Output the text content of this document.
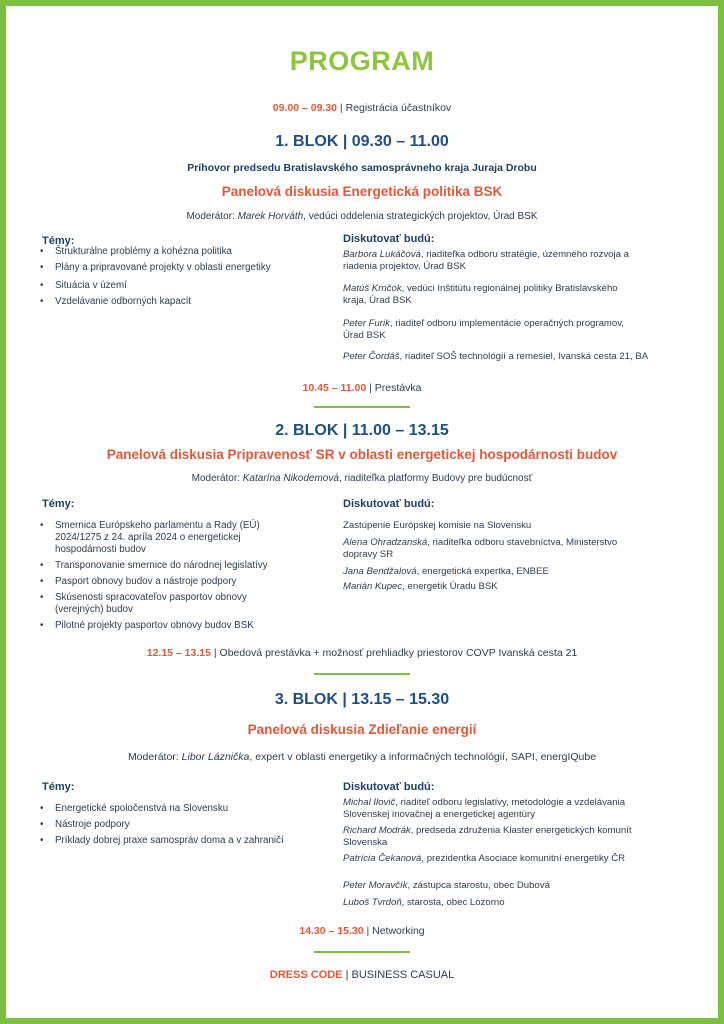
PROGRAM
09.00 – 09.30 | Registrácia účastníkov
1. BLOK | 09.30 – 11.00
Príhovor predsedu Bratislavského samosprávneho kraja Juraja Drobu
Panelová diskusia Energetická politika BSK
Moderátor: Marek Horváth, vedúci oddelenia strategických projektov, Úrad BSK
Témy:
• Štrukturálne problémy a kohézna politika
• Plány a pripravované projekty v oblasti energetiky
• Situácia v území
• Vzdelávanie odborných kapacít
Diskutovať budú:
Barbora Lukáčová, riaditeľka odboru stratégie, územného rozvoja a riadenia projektov, Úrad BSK
Matúš Krnčok, vedúci Inštitútu regionálnej politiky Bratislavského kraja, Úrad BSK
Peter Furik, riaditeľ odboru implementácie operačných programov, Úrad BSK
Peter Čordáš, riaditeľ SOŠ technológií a remesiel, Ivanská cesta 21, BA
10.45 – 11.00 | Prestávka
2. BLOK | 11.00 – 13.15
Panelová diskusia Pripravenosť SR v oblasti energetickej hospodárnosti budov
Moderátor: Katarína Nikodemová, riaditeľka platformy Budovy pre budúcnosť
Témy:
• Smernica Európskeho parlamentu a Rady (EÚ) 2024/1275 z 24. apríla 2024 o energetickej hospodárnosti budov
• Transponovanie smernice do národnej legislatívy
• Pasport obnovy budov a nástroje podpory
• Skúsenosti spracovateľov pasportov obnovy (verejných) budov
• Pilotné projekty pasportov obnovy budov BSK
Diskutovať budú:
Zastúpenie Európskej komisie na Slovensku
Alena Ohradzanská, riaditeľka odboru stavebníctva, Ministerstvo dopravy SR
Jana Bendžalová, energetická expertka, ENBEE
Marián Kupec, energetik Úradu BSK
12.15 – 13.15 | Obedová prestávka + možnosť prehliadky priestorov COVP Ivanská cesta 21
3. BLOK | 13.15 – 15.30
Panelová diskusia Zdieľanie energií
Moderátor: Libor Láznička, expert v oblasti energetiky a informačných technológií, SAPI, energIQube
Témy:
• Energetické spoločenstvá na Slovensku
• Nástroje podpory
• Príklady dobrej praxe samospráv doma a v zahraničí
Diskutovať budú:
Michal Ilovič, riaditeľ odboru legislatívy, metodológie a vzdelávania Slovenskej inovačnej a energetickej agentúry
Richard Modrák, predseda združenia Klaster energetických komunít Slovenska
Patrícia Čekanová, prezidentka Asociace komunitní energetiky ČR
Peter Moravčík, zástupca starostu, obec Dubová
Luboš Tvrdoň, starosta, obec Lozorno
14.30 – 15.30 | Networking
DRESS CODE | BUSINESS CASUAL
